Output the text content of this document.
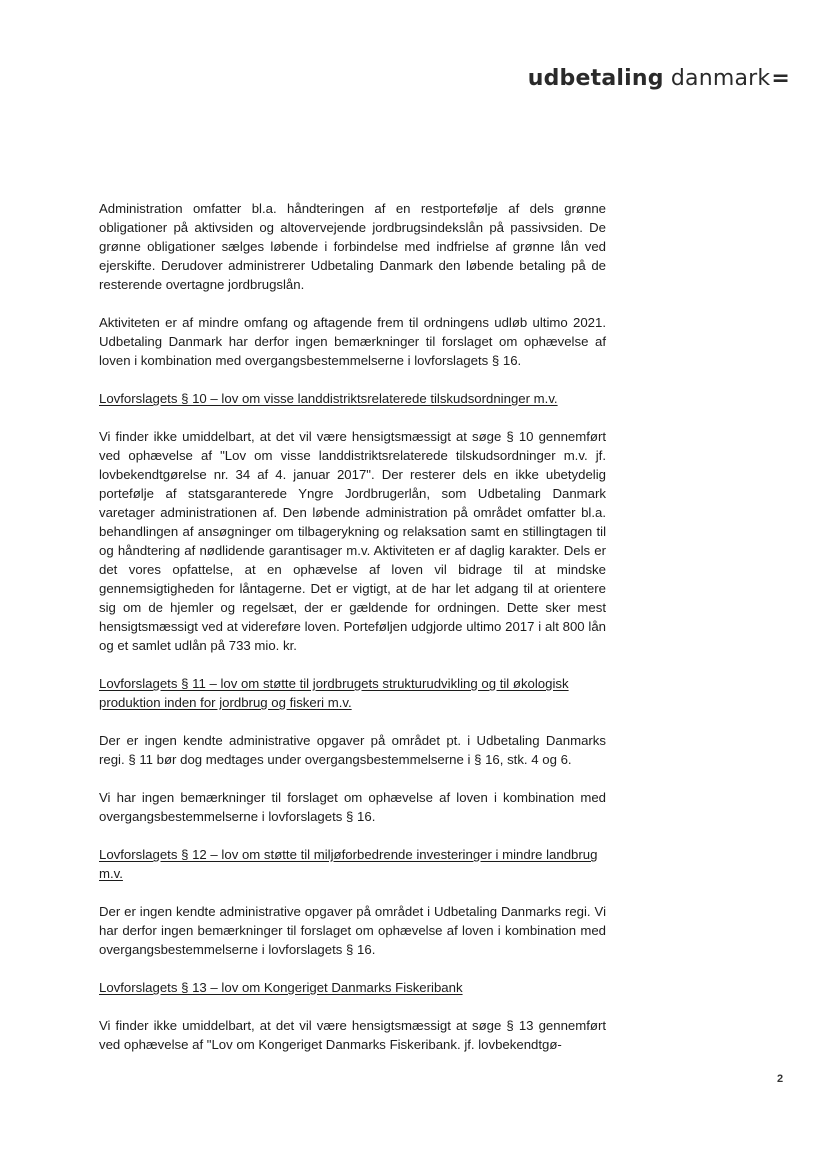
udbetaling danmark=

Administration omfatter bl.a. håndteringen af en restportefølje af dels grønne obligationer på aktivsiden og altovervejende jordbrugsindekslån på passivsiden. De grønne obligationer sælges løbende i forbindelse med indfrielse af grønne lån ved ejerskifte. Derudover administrerer Udbetaling Danmark den løbende betaling på de resterende overtagne jordbrugslån.

Aktiviteten er af mindre omfang og aftagende frem til ordningens udløb ultimo 2021. Udbetaling Danmark har derfor ingen bemærkninger til forslaget om ophævelse af loven i kombination med overgangsbestemmelserne i lovforslagets § 16.

Lovforslagets § 10 – lov om visse landdistriktsrelaterede tilskudsordninger m.v.

Vi finder ikke umiddelbart, at det vil være hensigtsmæssigt at søge § 10 gennemført ved ophævelse af "Lov om visse landdistriktsrelaterede tilskudsordninger m.v. jf. lovbekendtgørelse nr. 34 af 4. januar 2017". Der resterer dels en ikke ubetydelig portefølje af statsgaranterede Yngre Jordbrugerlån, som Udbetaling Danmark varetager administrationen af. Den løbende administration på området omfatter bl.a. behandlingen af ansøgninger om tilbagerykning og relaksation samt en stillingtagen til og håndtering af nødlidende garantisager m.v. Aktiviteten er af daglig karakter. Dels er det vores opfattelse, at en ophævelse af loven vil bidrage til at mindske gennemsigtigheden for låntagerne. Det er vigtigt, at de har let adgang til at orientere sig om de hjemler og regelsæt, der er gældende for ordningen. Dette sker mest hensigtsmæssigt ved at videreføre loven. Porteføljen udgjorde ultimo 2017 i alt 800 lån og et samlet udlån på 733 mio. kr.

Lovforslagets § 11 – lov om støtte til jordbrugets strukturudvikling og til økologisk produktion inden for jordbrug og fiskeri m.v.

Der er ingen kendte administrative opgaver på området pt. i Udbetaling Danmarks regi. § 11 bør dog medtages under overgangsbestemmelserne i § 16, stk. 4 og 6.

Vi har ingen bemærkninger til forslaget om ophævelse af loven i kombination med overgangsbestemmelserne i lovforslagets § 16.

Lovforslagets § 12 – lov om støtte til miljøforbedrende investeringer i mindre landbrug m.v.

Der er ingen kendte administrative opgaver på området i Udbetaling Danmarks regi. Vi har derfor ingen bemærkninger til forslaget om ophævelse af loven i kombination med overgangsbestemmelserne i lovforslagets § 16.

Lovforslagets § 13 – lov om Kongeriget Danmarks Fiskeribank

Vi finder ikke umiddelbart, at det vil være hensigtsmæssigt at søge § 13 gennemført ved ophævelse af "Lov om Kongeriget Danmarks Fiskeribank. jf. lovbekendtgø-

2
